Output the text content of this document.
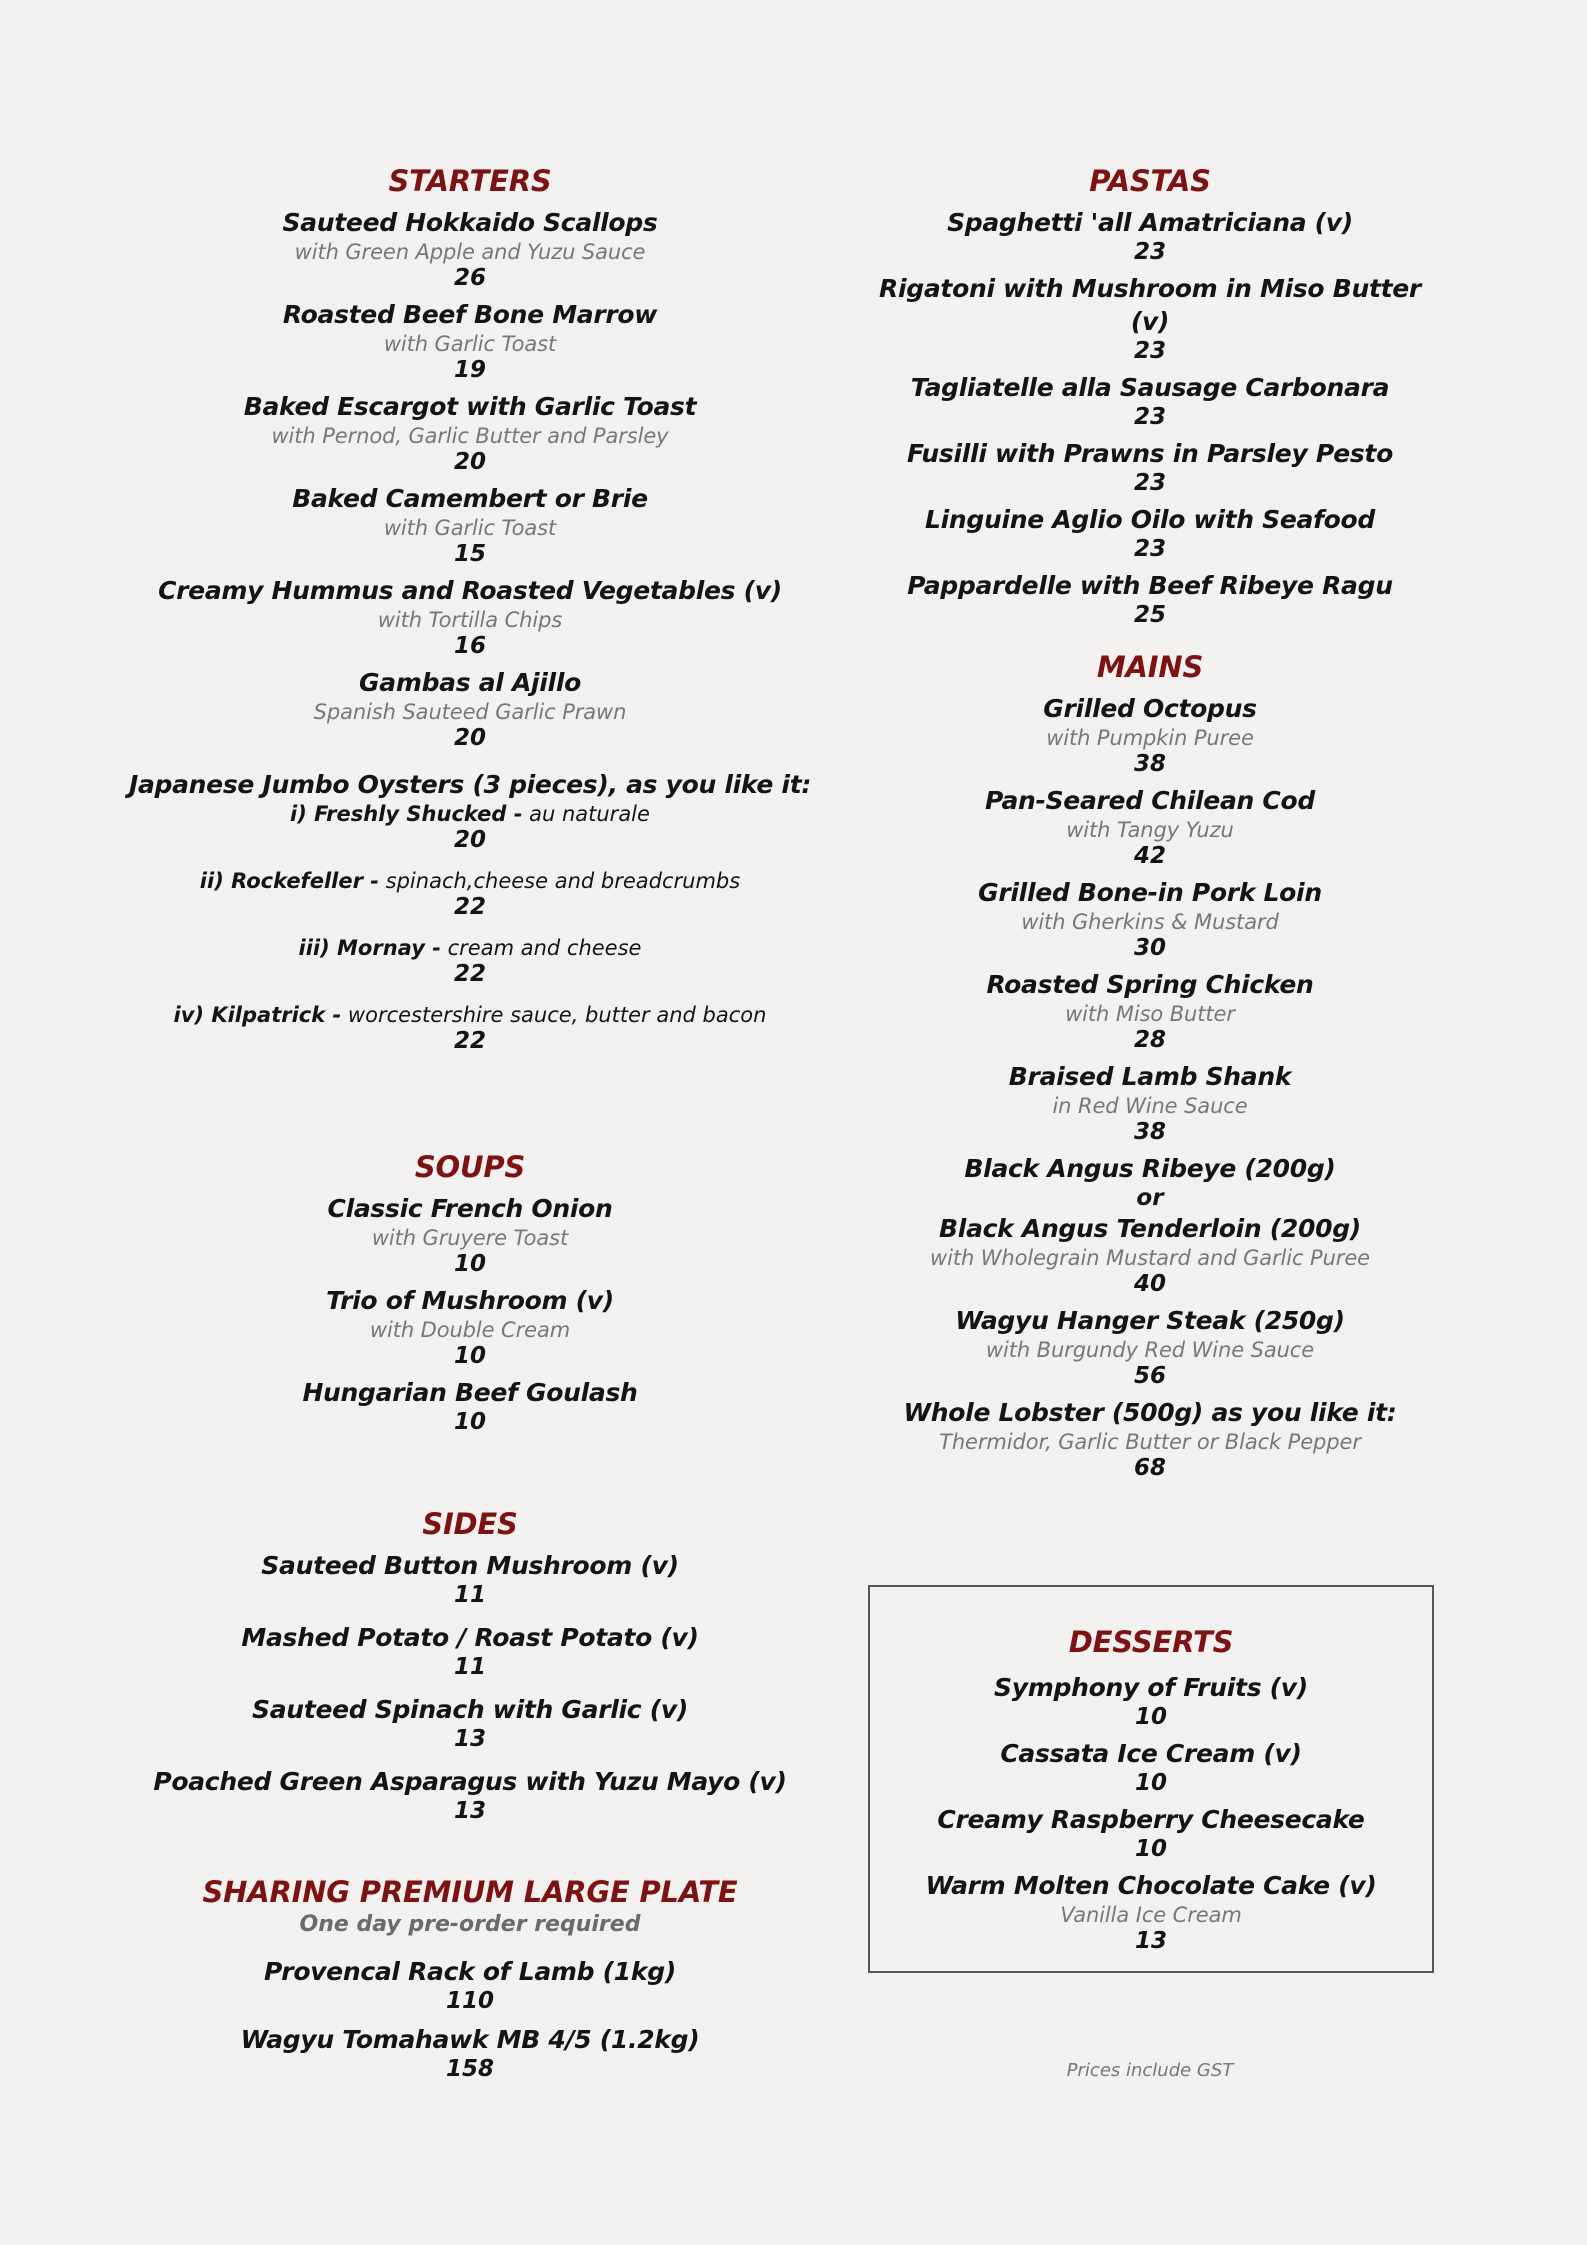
STARTERS
Sauteed Hokkaido Scallops
with Green Apple and Yuzu Sauce
26
Roasted Beef Bone Marrow
with Garlic Toast
19
Baked Escargot with Garlic Toast
with Pernod, Garlic Butter and Parsley
20
Baked Camembert or Brie
with Garlic Toast
15
Creamy Hummus and Roasted Vegetables (v)
with Tortilla Chips
16
Gambas al Ajillo
Spanish Sauteed Garlic Prawn
20
Japanese Jumbo Oysters (3 pieces), as you like it:
i) Freshly Shucked - au naturale
20
ii) Rockefeller - spinach,cheese and breadcrumbs
22
iii) Mornay - cream and cheese
22
iv) Kilpatrick - worcestershire sauce, butter and bacon
22
SOUPS
Classic French Onion
with Gruyere Toast
10
Trio of Mushroom (v)
with Double Cream
10
Hungarian Beef Goulash
10
SIDES
Sauteed Button Mushroom (v)
11
Mashed Potato / Roast Potato (v)
11
Sauteed Spinach with Garlic (v)
13
Poached Green Asparagus with Yuzu Mayo (v)
13
SHARING PREMIUM LARGE PLATE
One day pre-order required
Provencal Rack of Lamb (1kg)
110
Wagyu Tomahawk MB 4/5 (1.2kg)
158
PASTAS
Spaghetti 'all Amatriciana (v)
23
Rigatoni with Mushroom in Miso Butter (v)
23
Tagliatelle alla Sausage Carbonara
23
Fusilli with Prawns in Parsley Pesto
23
Linguine Aglio Oilo with Seafood
23
Pappardelle with Beef Ribeye Ragu
25
MAINS
Grilled Octopus
with Pumpkin Puree
38
Pan-Seared Chilean Cod
with Tangy Yuzu
42
Grilled Bone-in Pork Loin
with Gherkins & Mustard
30
Roasted Spring Chicken
with Miso Butter
28
Braised Lamb Shank
in Red Wine Sauce
38
Black Angus Ribeye (200g)
or
Black Angus Tenderloin (200g)
with Wholegrain Mustard and Garlic Puree
40
Wagyu Hanger Steak (250g)
with Burgundy Red Wine Sauce
56
Whole Lobster (500g) as you like it:
Thermidor, Garlic Butter or Black Pepper
68
DESSERTS
Symphony of Fruits (v)
10
Cassata Ice Cream (v)
10
Creamy Raspberry Cheesecake
10
Warm Molten Chocolate Cake (v)
Vanilla Ice Cream
13
Prices include GST
